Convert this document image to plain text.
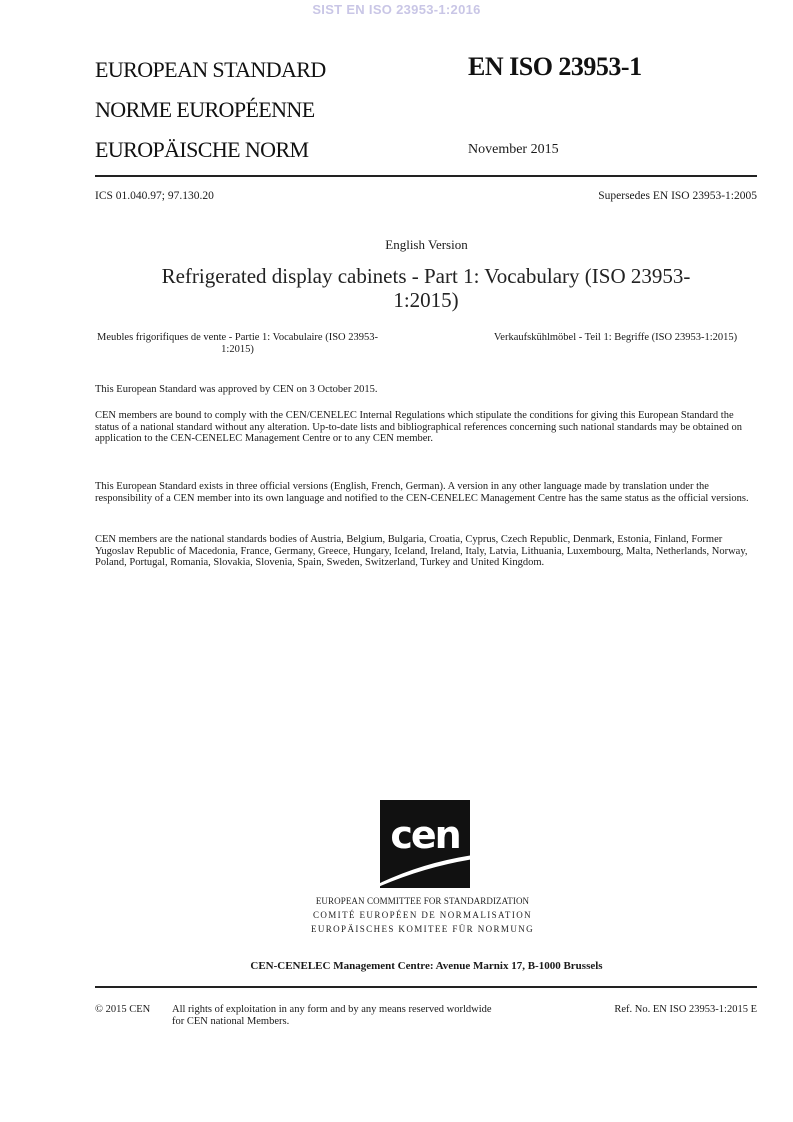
SIST EN ISO 23953-1:2016
EUROPEAN STANDARD
NORME EUROPÉENNE
EUROPÄISCHE NORM
EN ISO 23953-1
November 2015
ICS 01.040.97; 97.130.20	Supersedes EN ISO 23953-1:2005
English Version
Refrigerated display cabinets - Part 1: Vocabulary (ISO 23953-1:2015)
Meubles frigorifiques de vente - Partie 1: Vocabulaire (ISO 23953-1:2015)
Verkaufskühlmöbel - Teil 1: Begriffe (ISO 23953-1:2015)
This European Standard was approved by CEN on 3 October 2015.
CEN members are bound to comply with the CEN/CENELEC Internal Regulations which stipulate the conditions for giving this European Standard the status of a national standard without any alteration. Up-to-date lists and bibliographical references concerning such national standards may be obtained on application to the CEN-CENELEC Management Centre or to any CEN member.
This European Standard exists in three official versions (English, French, German). A version in any other language made by translation under the responsibility of a CEN member into its own language and notified to the CEN-CENELEC Management Centre has the same status as the official versions.
CEN members are the national standards bodies of Austria, Belgium, Bulgaria, Croatia, Cyprus, Czech Republic, Denmark, Estonia, Finland, Former Yugoslav Republic of Macedonia, France, Germany, Greece, Hungary, Iceland, Ireland, Italy, Latvia, Lithuania, Luxembourg, Malta, Netherlands, Norway, Poland, Portugal, Romania, Slovakia, Slovenia, Spain, Sweden, Switzerland, Turkey and United Kingdom.
cen
EUROPEAN COMMITTEE FOR STANDARDIZATION
COMITÉ EUROPÉEN DE NORMALISATION
EUROPÄISCHES KOMITEE FÜR NORMUNG
CEN-CENELEC Management Centre: Avenue Marnix 17, B-1000 Brussels
© 2015 CEN All rights of exploitation in any form and by any means reserved worldwide for CEN national Members.
Ref. No. EN ISO 23953-1:2015 E
